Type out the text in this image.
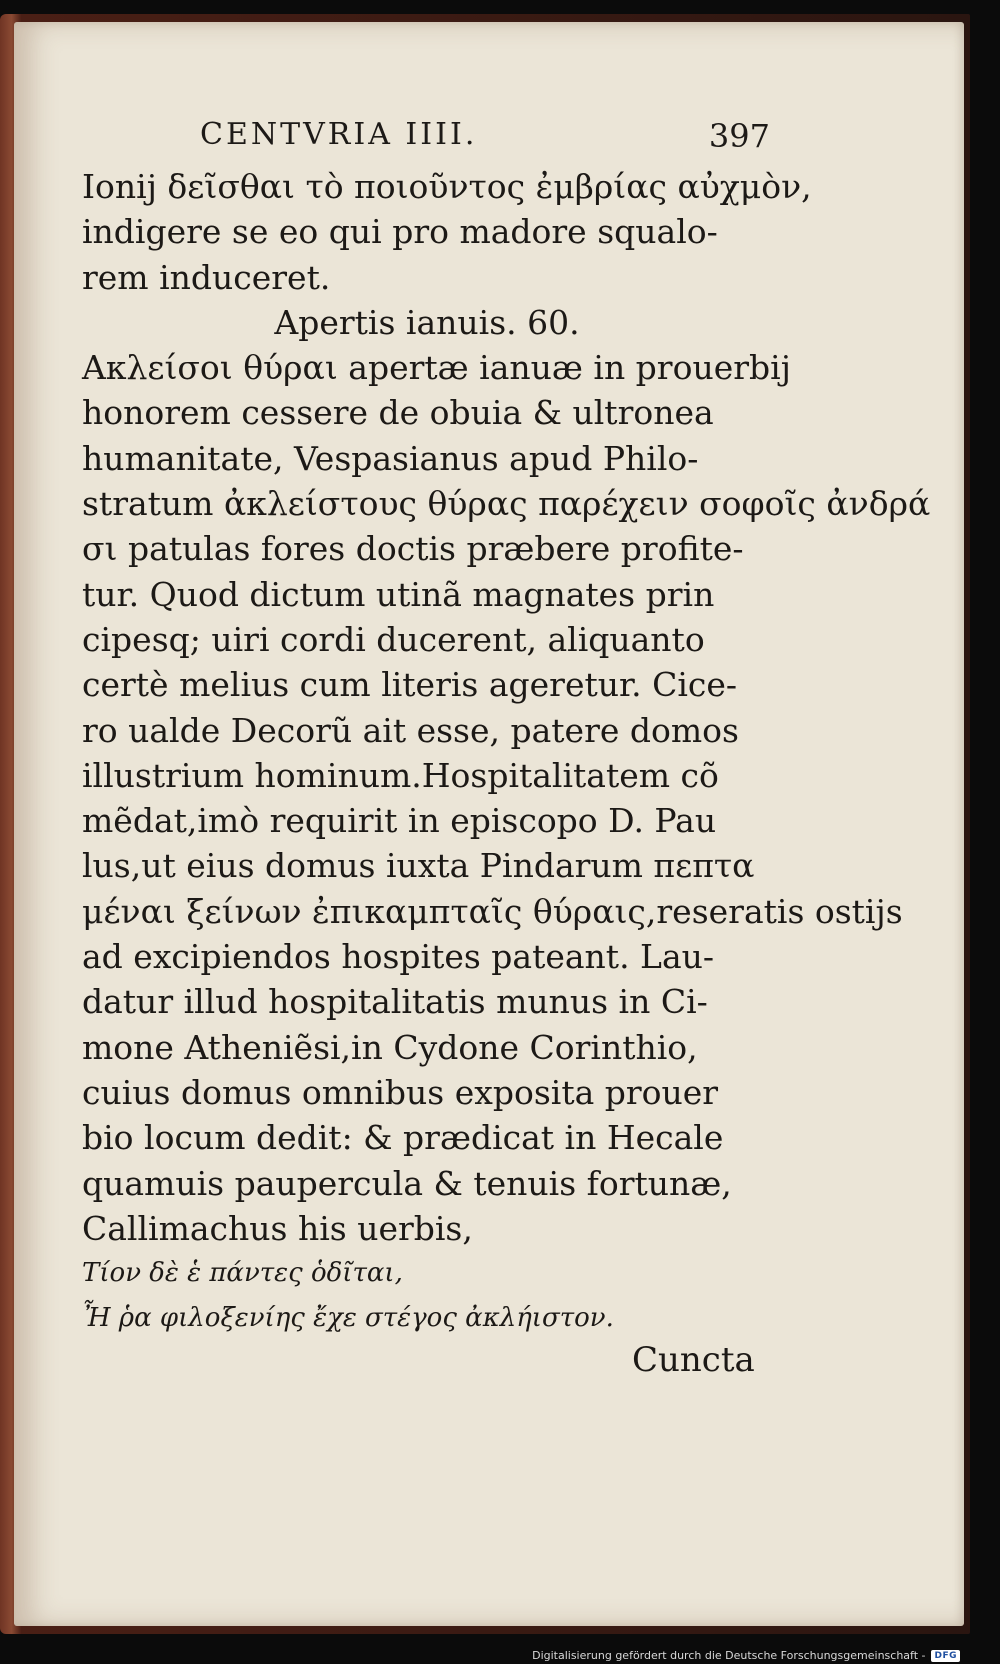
CENTVRIA IIII.	397
Ionij δεῖσθαι τὸ ποιοῦντος ἐμβρίας αὐχμὸν,
indigere se eo qui pro madore squalo-
rem induceret.
Apertis ianuis. 60.
Ακλείσοι θύραι apertæ ianuæ in prouerbij
honorem cessere de obuia & ultronea
humanitate, Vespasianus apud Philo-
stratum ἀκλείστους θύρας παρέχειν σοφοῖς ἀνδρά
σι patulas fores doctis præbere profite-
tur. Quod dictum utinã magnates prin
cipesq; uiri cordi ducerent, aliquanto
certè melius cum literis ageretur. Cice-
ro ualde Decorũ ait esse, patere domos
illustrium hominum.Hospitalitatem cõ
mẽdat,imò requirit in episcopo D. Pau
lus,ut eius domus iuxta Pindarum πεπτα
μέναι ξείνων ἐπικαμπταῖς θύραις,reseratis ostijs
ad excipiendos hospites pateant. Lau-
datur illud hospitalitatis munus in Ci-
mone Atheniẽsi,in Cydone Corinthio,
cuius domus omnibus exposita prouer
bio locum dedit: & prædicat in Hecale
quamuis paupercula & tenuis fortunæ,
Callimachus his uerbis,
Τίον δὲ ἑ πάντες ὁδῖται,
Ἦ ῥα φιλοξενίης ἔχε στέγος ἀκλήιστον.
Cuncta
Digitalisierung gefördert durch die Deutsche Forschungsgemeinschaft -	DFG
